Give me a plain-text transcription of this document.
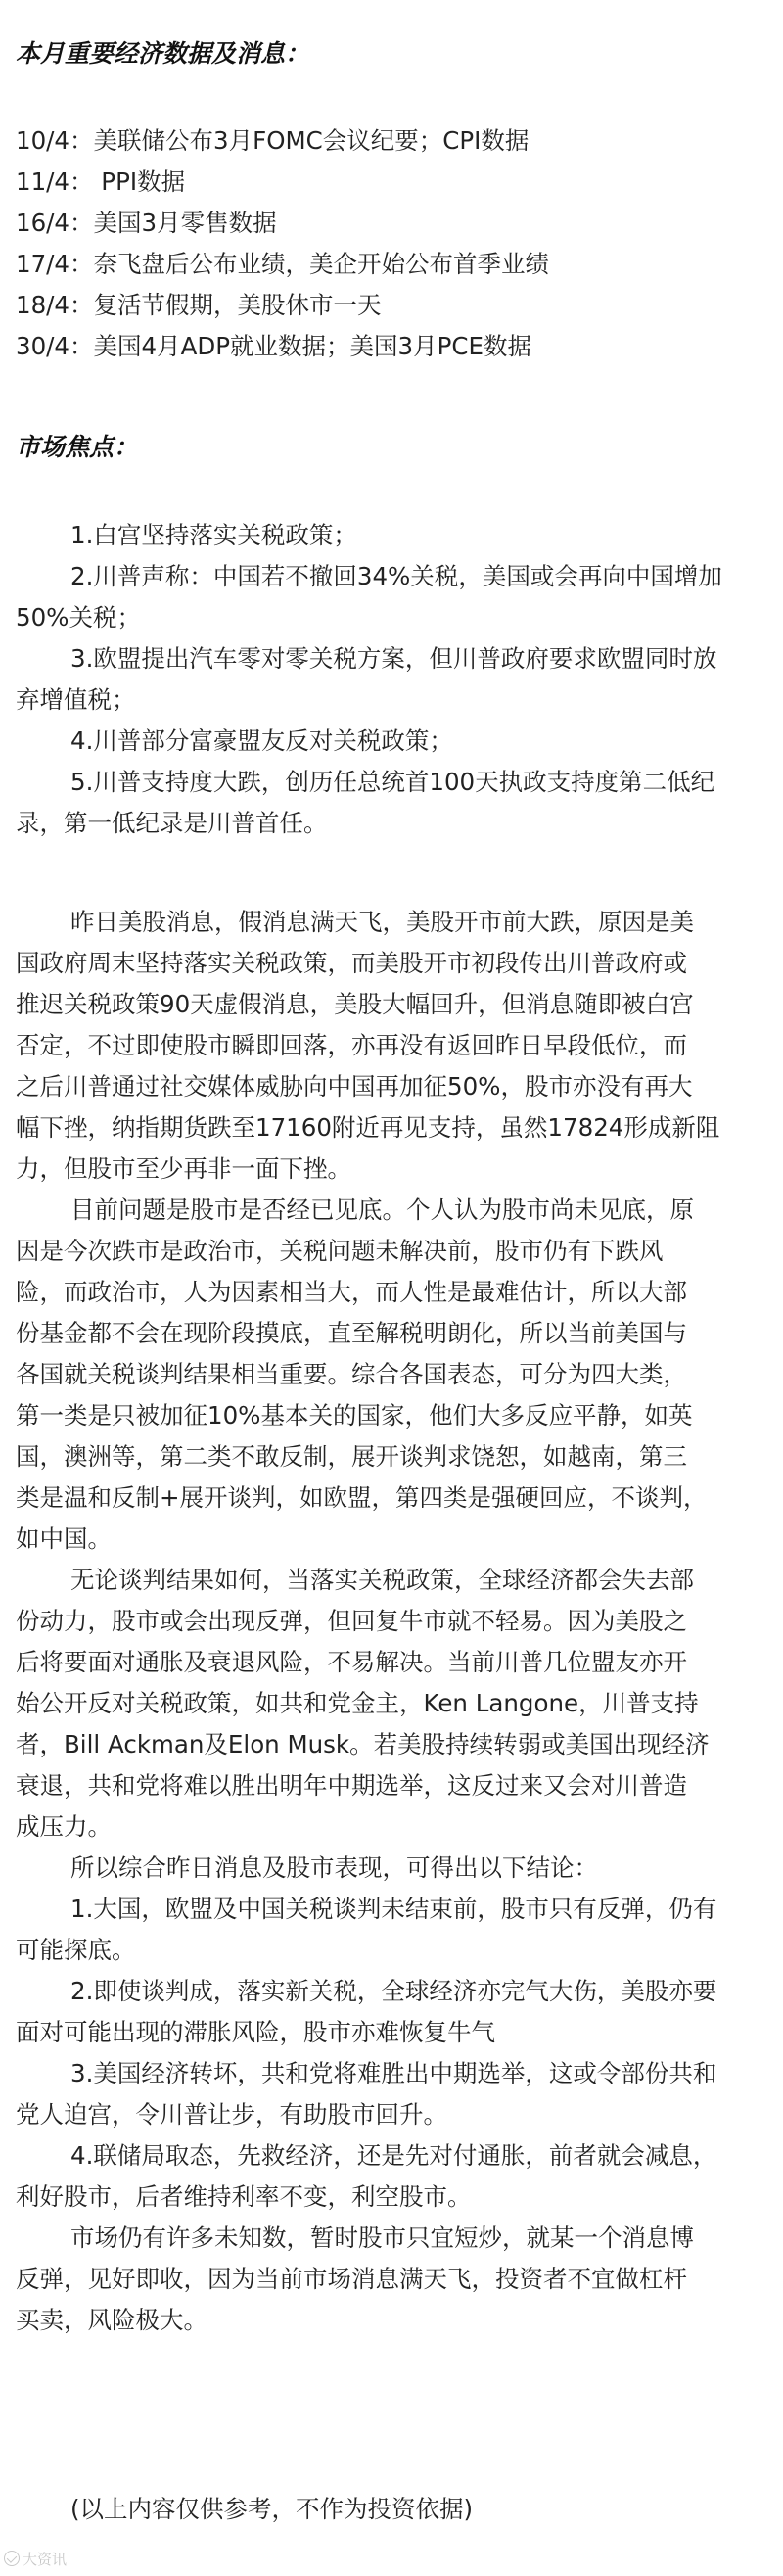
本月重要经济数据及消息：
10/4：美联储公布3月FOMC会议纪要；CPI数据
11/4： PPI数据
16/4：美国3月零售数据
17/4：奈飞盘后公布业绩，美企开始公布首季业绩
18/4：复活节假期，美股休市一天
30/4：美国4月ADP就业数据；美国3月PCE数据
市场焦点：
1.白宫坚持落实关税政策；
2.川普声称：中国若不撤回34%关税，美国或会再向中国增加
50%关税；
3.欧盟提出汽车零对零关税方案，但川普政府要求欧盟同时放
弃增值税；
4.川普部分富豪盟友反对关税政策；
5.川普支持度大跌，创历任总统首100天执政支持度第二低纪
录，第一低纪录是川普首任。
昨日美股消息，假消息满天飞，美股开市前大跌，原因是美
国政府周末坚持落实关税政策，而美股开市初段传出川普政府或
推迟关税政策90天虚假消息，美股大幅回升，但消息随即被白宫
否定，不过即使股市瞬即回落，亦再没有返回昨日早段低位，而
之后川普通过社交媒体威胁向中国再加征50%，股市亦没有再大
幅下挫，纳指期货跌至17160附近再见支持，虽然17824形成新阻
力，但股市至少再非一面下挫。
目前问题是股市是否经已见底。个人认为股市尚未见底，原
因是今次跌市是政治市，关税问题未解决前，股市仍有下跌风
险，而政治市，人为因素相当大，而人性是最难估计，所以大部
份基金都不会在现阶段摸底，直至解税明朗化，所以当前美国与
各国就关税谈判结果相当重要。综合各国表态，可分为四大类，
第一类是只被加征10%基本关的国家，他们大多反应平静，如英
国，澳洲等，第二类不敢反制，展开谈判求饶恕，如越南，第三
类是温和反制+展开谈判，如欧盟，第四类是强硬回应，不谈判，
如中国。
无论谈判结果如何，当落实关税政策，全球经济都会失去部
份动力，股市或会出现反弹，但回复牛市就不轻易。因为美股之
后将要面对通胀及衰退风险，不易解决。当前川普几位盟友亦开
始公开反对关税政策，如共和党金主，Ken Langone，川普支持
者，Bill Ackman及Elon Musk。若美股持续转弱或美国出现经济
衰退，共和党将难以胜出明年中期选举，这反过来又会对川普造
成压力。
所以综合昨日消息及股市表现，可得出以下结论：
1.大国，欧盟及中国关税谈判未结束前，股市只有反弹，仍有
可能探底。
2.即使谈判成，落实新关税，全球经济亦完气大伤，美股亦要
面对可能出现的滞胀风险，股市亦难恢复牛气
3.美国经济转坏，共和党将难胜出中期选举，这或令部份共和
党人迫宫，令川普让步，有助股市回升。
4.联储局取态，先救经济，还是先对付通胀，前者就会减息，
利好股市，后者维持利率不变，利空股市。
市场仍有许多未知数，暂时股市只宜短炒，就某一个消息博
反弹，见好即收，因为当前市场消息满天飞，投资者不宜做杠杆
买卖，风险极大。
(以上内容仅供参考，不作为投资依据)
大资讯
